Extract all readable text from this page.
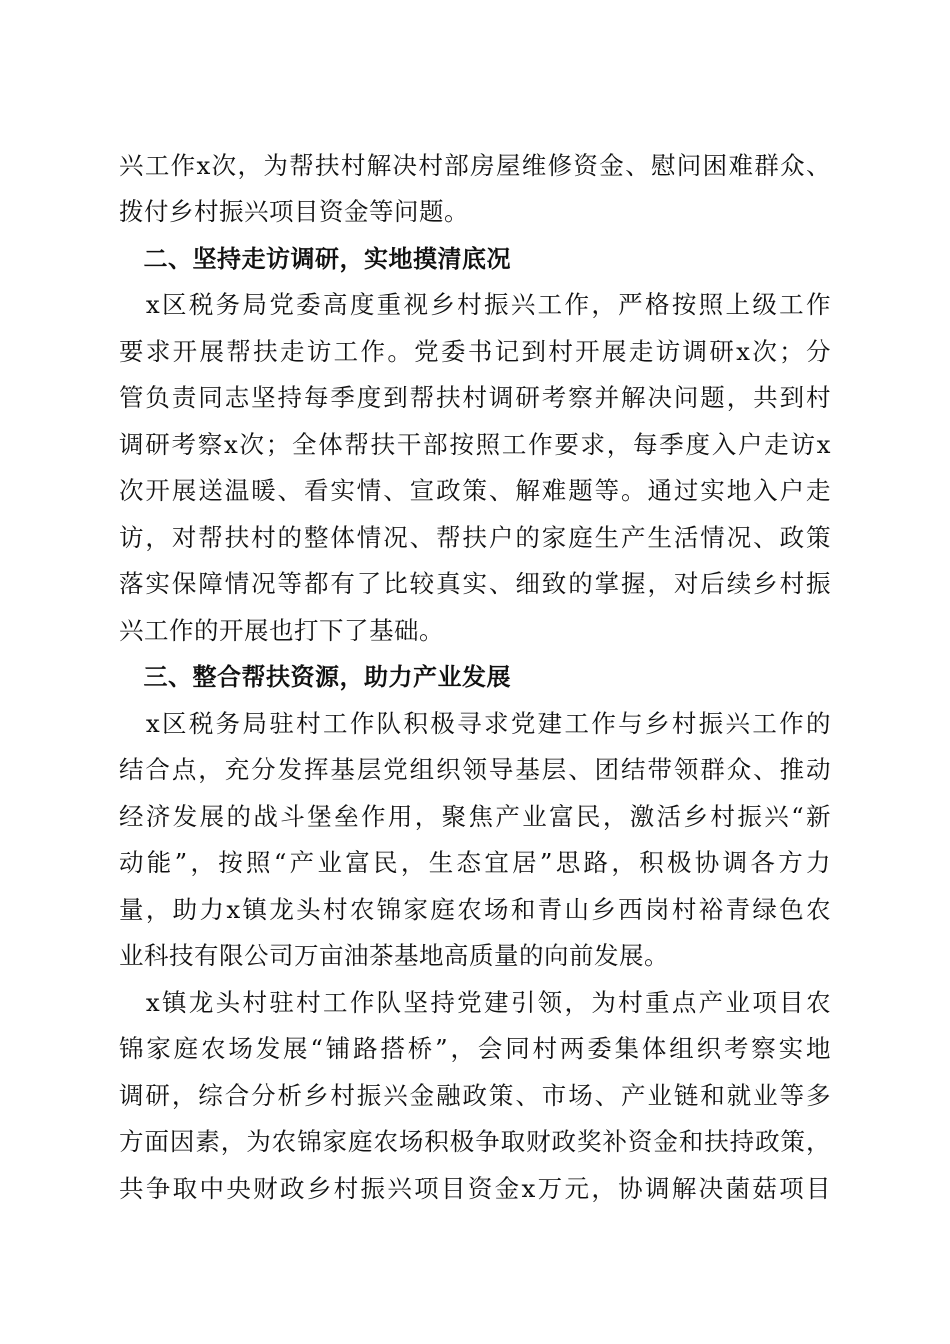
兴工作x次，为帮扶村解决村部房屋维修资金、慰问困难群众、
拨付乡村振兴项目资金等问题。
　二、坚持走访调研，实地摸清底况
　x区税务局党委高度重视乡村振兴工作，严格按照上级工作
要求开展帮扶走访工作。党委书记到村开展走访调研x次；分
管负责同志坚持每季度到帮扶村调研考察并解决问题，共到村
调研考察x次；全体帮扶干部按照工作要求，每季度入户走访x
次开展送温暖、看实情、宣政策、解难题等。通过实地入户走
访，对帮扶村的整体情况、帮扶户的家庭生产生活情况、政策
落实保障情况等都有了比较真实、细致的掌握，对后续乡村振
兴工作的开展也打下了基础。
　三、整合帮扶资源，助力产业发展
　x区税务局驻村工作队积极寻求党建工作与乡村振兴工作的
结合点，充分发挥基层党组织领导基层、团结带领群众、推动
经济发展的战斗堡垒作用，聚焦产业富民，激活乡村振兴“新
动能”，按照“产业富民，生态宜居”思路，积极协调各方力
量，助力x镇龙头村农锦家庭农场和青山乡西岗村裕青绿色农
业科技有限公司万亩油茶基地高质量的向前发展。
　x镇龙头村驻村工作队坚持党建引领，为村重点产业项目农
锦家庭农场发展“铺路搭桥”，会同村两委集体组织考察实地
调研，综合分析乡村振兴金融政策、市场、产业链和就业等多
方面因素，为农锦家庭农场积极争取财政奖补资金和扶持政策，
共争取中央财政乡村振兴项目资金x万元，协调解决菌菇项目
